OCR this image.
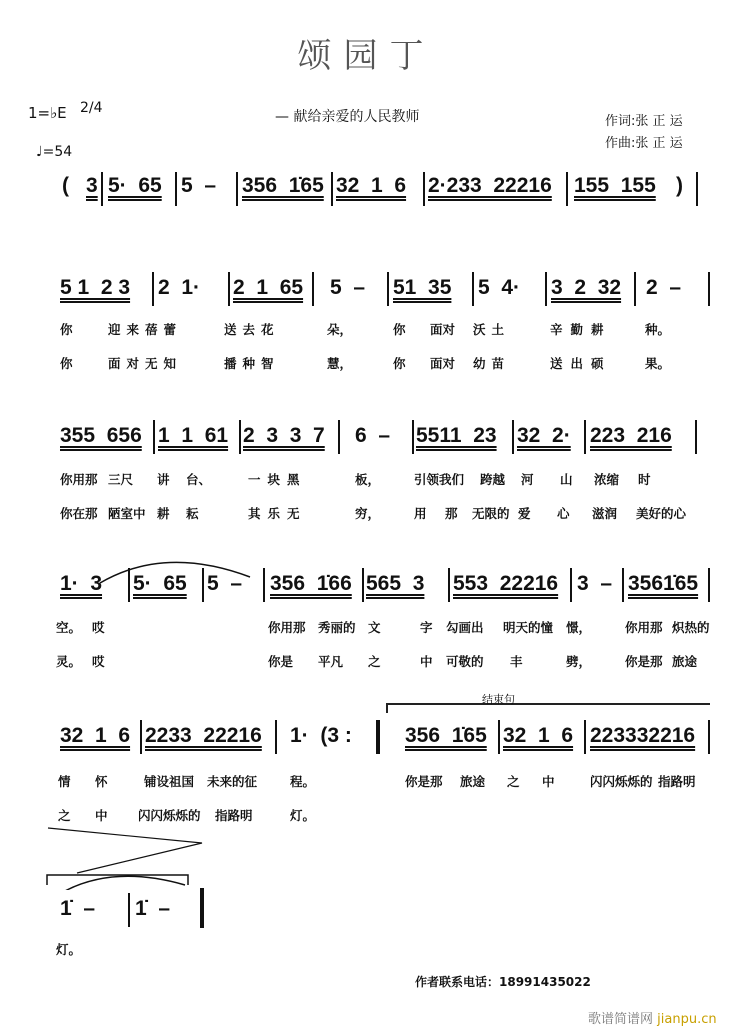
颂园丁
1=♭E 2/4
♩=54
— 献给亲爱的人民教师	作词:张 正 运
作曲:张 正 运
( 3 5·  65 5  – 356  1̇65 32  1  6 2·233  22216 155  155 )
5 1  2 3 2  1· 2  1  65 5  – 51  35 5  4· 3  2  32 2  –
你	迎来蓓蕾	送去花	朵，	你 面对 沃土	辛勤耕	种。
你	面对无知	播种智	慧，	你 面对 幼苗	送出硕	果。
355  656 1  1  61 2  3  3  7 6  – 5511  23 32  2· 223  216
你用那 三尺 讲 台、	一块黑	板，	引领我们 跨越 河 山 浓缩 时
你在那 陋室中 耕 耘	其乐无	穷，	用 那 无限的 爱 心 滋润 美好的心
1·  3 5·  65 5  – 356  1̇66 565  3 553  22216 3  – 3561̇65
空。 哎	你用那 秀丽的 文	字 勾画出 明天的憧 憬，	你用那 炽热的
灵。 哎	你是 平凡 之	中 可敬的 丰	劈，	你是那 旅途
结束句
32  1  6 2233  22216 1·  (3 :	356  1̇65 32  1  6 223332216
情 怀	铺设祖国 未来的征	程。	你是那 旅途 之 中	闪闪烁烁的 指路明
之 中 闪闪烁烁的 指路明	灯。
1̇  – 1̇  –
灯。
作者联系电话：18991435022
歌谱简谱网 jianpu.cn
